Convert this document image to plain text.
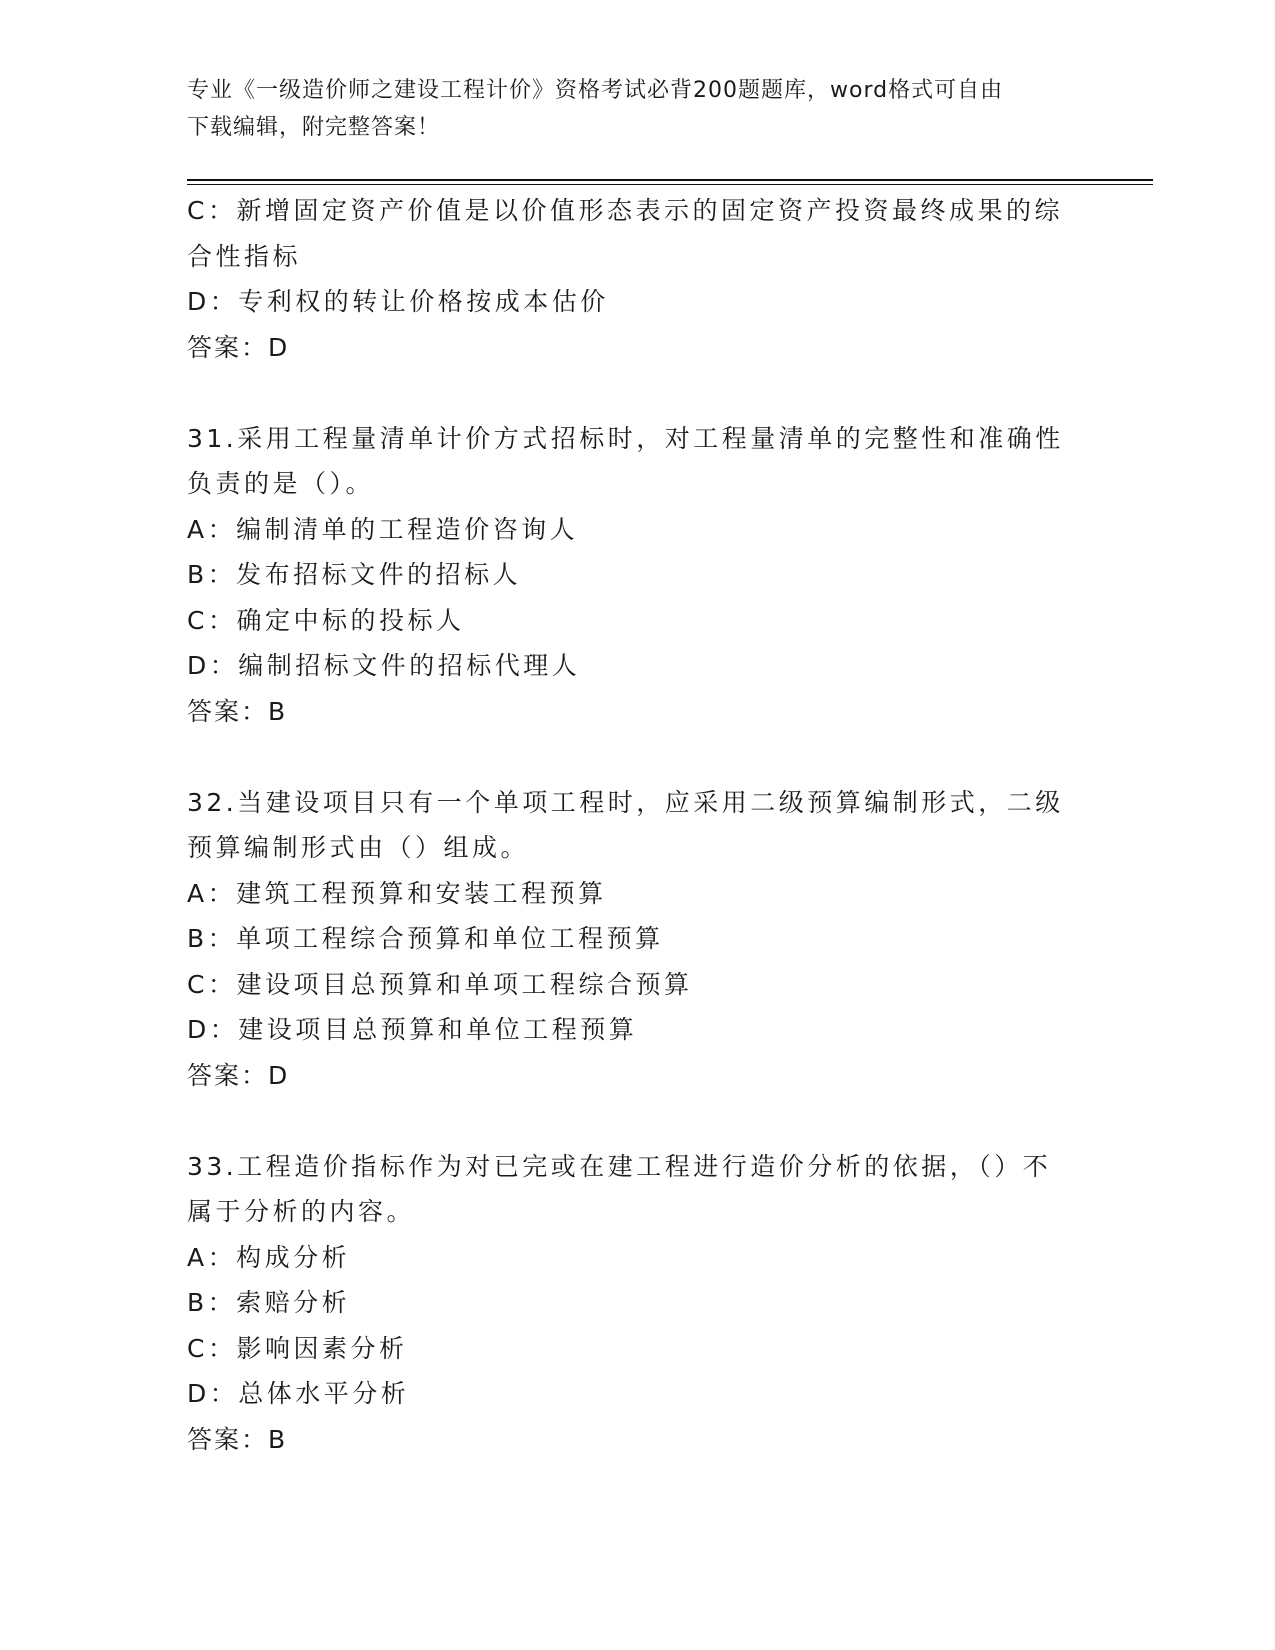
专业《一级造价师之建设工程计价》资格考试必背200题题库，word格式可自由
下载编辑，附完整答案！
C：新增固定资产价值是以价值形态表示的固定资产投资最终成果的综
合性指标
D：专利权的转让价格按成本估价
答案：D
31.采用工程量清单计价方式招标时，对工程量清单的完整性和准确性
负责的是（）。
A：编制清单的工程造价咨询人
B：发布招标文件的招标人
C：确定中标的投标人
D：编制招标文件的招标代理人
答案：B
32.当建设项目只有一个单项工程时，应采用二级预算编制形式，二级
预算编制形式由（）组成。
A：建筑工程预算和安装工程预算
B：单项工程综合预算和单位工程预算
C：建设项目总预算和单项工程综合预算
D：建设项目总预算和单位工程预算
答案：D
33.工程造价指标作为对已完或在建工程进行造价分析的依据，（）不
属于分析的内容。
A：构成分析
B：索赔分析
C：影响因素分析
D：总体水平分析
答案：B
